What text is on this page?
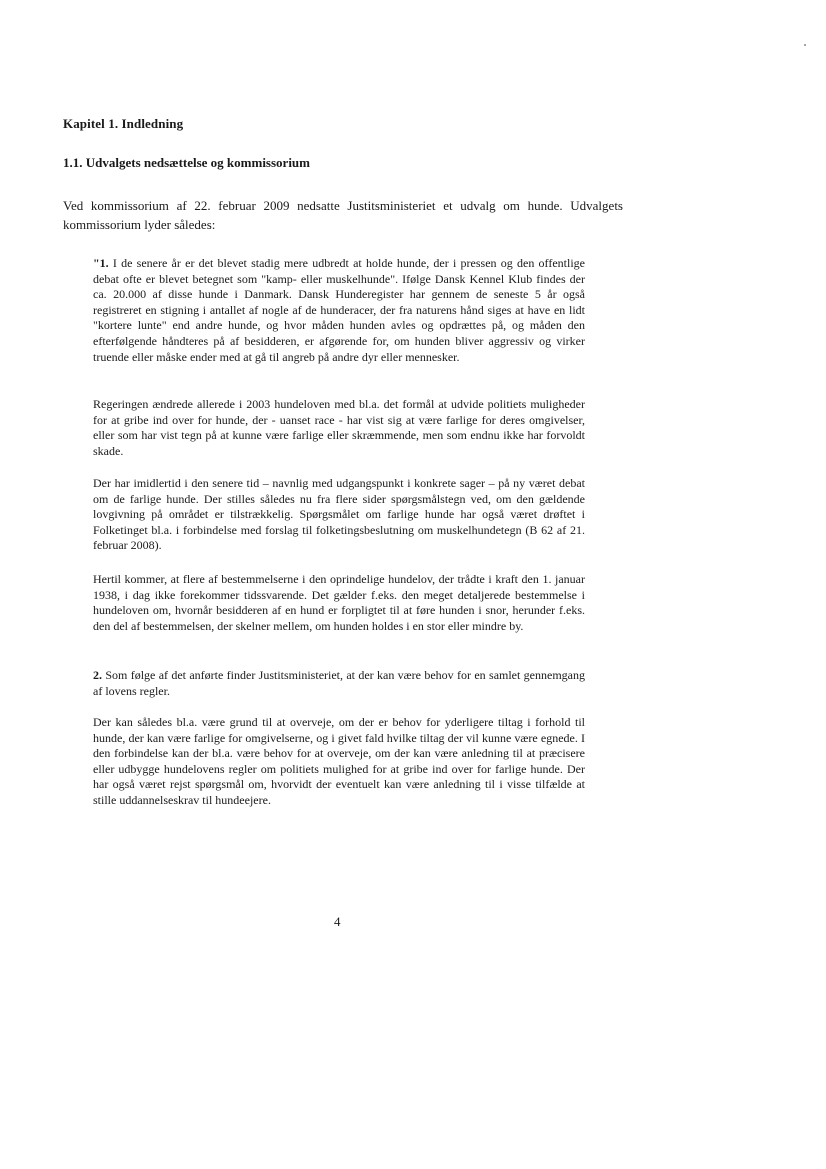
Kapitel 1. Indledning
1.1. Udvalgets nedsættelse og kommissorium

Ved kommissorium af 22. februar 2009 nedsatte Justitsministeriet et udvalg om hunde. Udvalgets kommissorium lyder således:

"1. I de senere år er det blevet stadig mere udbredt at holde hunde, der i pressen og den offentlige debat ofte er blevet betegnet som "kamp- eller muskelhunde". Ifølge Dansk Kennel Klub findes der ca. 20.000 af disse hunde i Danmark. Dansk Hunderegister har gennem de seneste 5 år også registreret en stigning i antallet af nogle af de hunderacer, der fra naturens hånd siges at have en lidt "kortere lunte" end andre hunde, og hvor måden hunden avles og opdrættes på, og måden den efterfølgende håndteres på af besidderen, er afgørende for, om hunden bliver aggressiv og virker truende eller måske ender med at gå til angreb på andre dyr eller mennesker.

Regeringen ændrede allerede i 2003 hundeloven med bl.a. det formål at udvide politiets muligheder for at gribe ind over for hunde, der - uanset race - har vist sig at være farlige for deres omgivelser, eller som har vist tegn på at kunne være farlige eller skræmmende, men som endnu ikke har forvoldt skade.

Der har imidlertid i den senere tid – navnlig med udgangspunkt i konkrete sager – på ny været debat om de farlige hunde. Der stilles således nu fra flere sider spørgsmålstegn ved, om den gældende lovgivning på området er tilstrækkelig. Spørgsmålet om farlige hunde har også været drøftet i Folketinget bl.a. i forbindelse med forslag til folketingsbeslutning om muskelhundetegn (B 62 af 21. februar 2008).

Hertil kommer, at flere af bestemmelserne i den oprindelige hundelov, der trådte i kraft den 1. januar 1938, i dag ikke forekommer tidssvarende. Det gælder f.eks. den meget detaljerede bestemmelse i hundeloven om, hvornår besidderen af en hund er forpligtet til at føre hunden i snor, herunder f.eks. den del af bestemmelsen, der skelner mellem, om hunden holdes i en stor eller mindre by.

2. Som følge af det anførte finder Justitsministeriet, at der kan være behov for en samlet gennemgang af lovens regler.

Der kan således bl.a. være grund til at overveje, om der er behov for yderligere tiltag i forhold til hunde, der kan være farlige for omgivelserne, og i givet fald hvilke tiltag der vil kunne være egnede. I den forbindelse kan der bl.a. være behov for at overveje, om der kan være anledning til at præcisere eller udbygge hundelovens regler om politiets mulighed for at gribe ind over for farlige hunde. Der har også været rejst spørgsmål om, hvorvidt der eventuelt kan være anledning til i visse tilfælde at stille uddannelseskrav til hundeejere.

4
